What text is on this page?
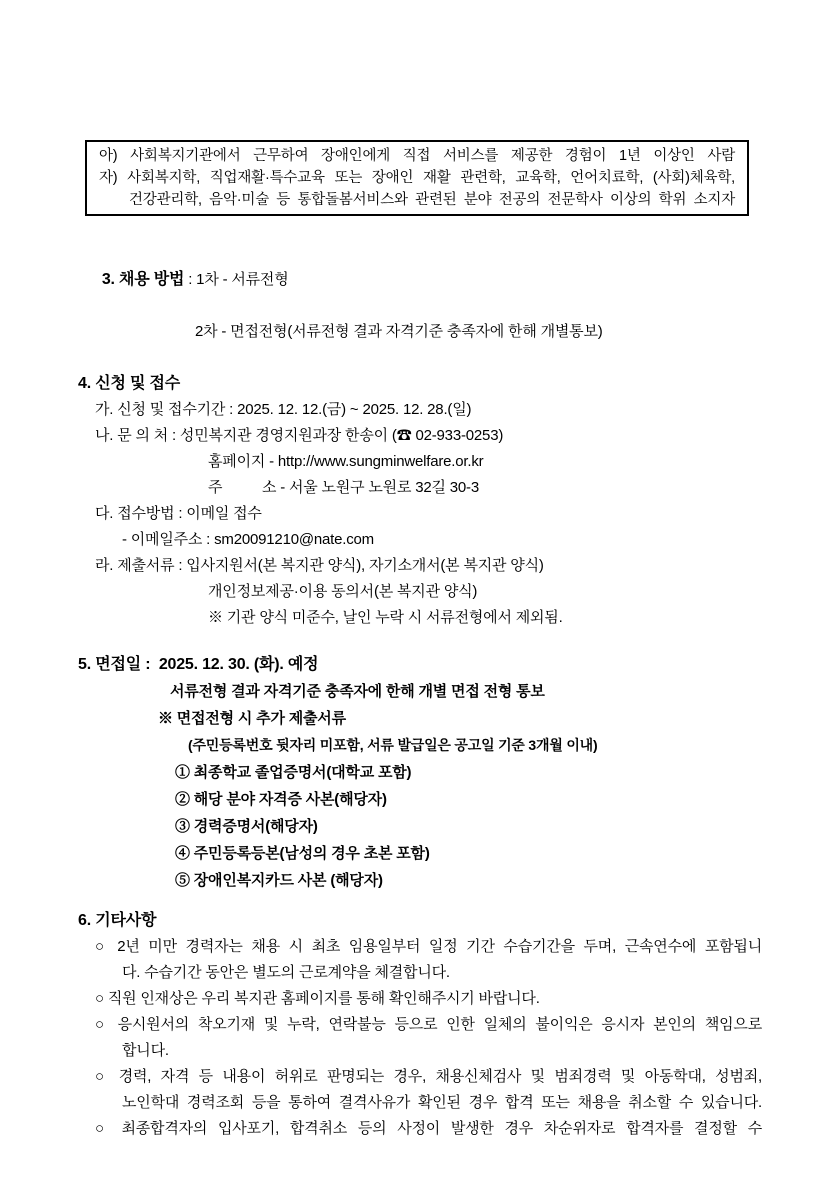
아) 사회복지기관에서 근무하여 장애인에게 직접 서비스를 제공한 경험이 1년 이상인 사람
자) 사회복지학, 직업재활·특수교육 또는 장애인 재활 관련학, 교육학, 언어치료학, (사회)체육학,
건강관리학, 음악·미술 등 통합돌봄서비스와 관련된 분야 전공의 전문학사 이상의 학위 소지자

3. 채용 방법 : 1차 - 서류전형

2차 - 면접전형(서류전형 결과 자격기준 충족자에 한해 개별통보)
4. 신청 및 접수
가. 신청 및 접수기간 : 2025. 12. 12.(금) ~ 2025. 12. 28.(일)
나. 문 의 처 : 성민복지관 경영지원과장 한송이 (☎ 02-933-0253)
홈페이지 - http://www.sungminwelfare.or.kr
주          소 - 서울 노원구 노원로 32길 30-3
다. 접수방법 : 이메일 접수
- 이메일주소 : sm20091210@nate.com
라. 제출서류 : 입사지원서(본 복지관 양식), 자기소개서(본 복지관 양식)
개인정보제공·이용 동의서(본 복지관 양식)
※ 기관 양식 미준수, 날인 누락 시 서류전형에서 제외됨.
5. 면접일 :  2025. 12. 30. (화). 예정
서류전형 결과 자격기준 충족자에 한해 개별 면접 전형 통보
※ 면접전형 시 추가 제출서류
(주민등록번호 뒷자리 미포함, 서류 발급일은 공고일 기준 3개월 이내)
① 최종학교 졸업증명서(대학교 포함)
② 해당 분야 자격증 사본(해당자)
③ 경력증명서(해당자)
④ 주민등록등본(남성의 경우 초본 포함)
⑤ 장애인복지카드 사본 (해당자)
6. 기타사항
○ 2년 미만 경력자는 채용 시 최초 임용일부터 일정 기간 수습기간을 두며, 근속연수에 포함됩니
다. 수습기간 동안은 별도의 근로계약을 체결합니다.
○ 직원 인재상은 우리 복지관 홈페이지를 통해 확인해주시기 바랍니다.
○ 응시원서의 착오기재 및 누락, 연락불능 등으로 인한 일체의 불이익은 응시자 본인의 책임으로
합니다.
○ 경력, 자격 등 내용이 허위로 판명되는 경우, 채용신체검사 및 범죄경력 및 아동학대, 성범죄,
노인학대 경력조회 등을 통하여 결격사유가 확인된 경우 합격 또는 채용을 취소할 수 있습니다.
○ 최종합격자의 입사포기, 합격취소 등의 사정이 발생한 경우 차순위자로 합격자를 결정할 수
